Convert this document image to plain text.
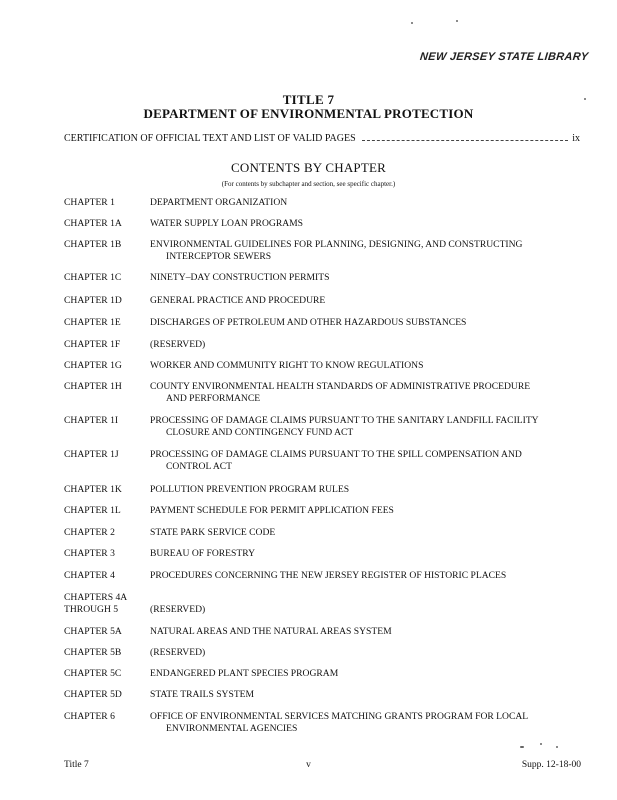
NEW JERSEY STATE LIBRARY
TITLE 7
DEPARTMENT OF ENVIRONMENTAL PROTECTION
CERTIFICATION OF OFFICIAL TEXT AND LIST OF VALID PAGES	ix
CONTENTS BY CHAPTER
(For contents by subchapter and section, see specific chapter.)
CHAPTER 1	DEPARTMENT ORGANIZATION
CHAPTER 1A	WATER SUPPLY LOAN PROGRAMS
CHAPTER 1B	ENVIRONMENTAL GUIDELINES FOR PLANNING, DESIGNING, AND CONSTRUCTING
INTERCEPTOR SEWERS
CHAPTER 1C	NINETY–DAY CONSTRUCTION PERMITS
CHAPTER 1D	GENERAL PRACTICE AND PROCEDURE
CHAPTER 1E	DISCHARGES OF PETROLEUM AND OTHER HAZARDOUS SUBSTANCES
CHAPTER 1F	(RESERVED)
CHAPTER 1G	WORKER AND COMMUNITY RIGHT TO KNOW REGULATIONS
CHAPTER 1H	COUNTY ENVIRONMENTAL HEALTH STANDARDS OF ADMINISTRATIVE PROCEDURE
AND PERFORMANCE
CHAPTER 1I	PROCESSING OF DAMAGE CLAIMS PURSUANT TO THE SANITARY LANDFILL FACILITY
CLOSURE AND CONTINGENCY FUND ACT
CHAPTER 1J	PROCESSING OF DAMAGE CLAIMS PURSUANT TO THE SPILL COMPENSATION AND
CONTROL ACT
CHAPTER 1K	POLLUTION PREVENTION PROGRAM RULES
CHAPTER 1L	PAYMENT SCHEDULE FOR PERMIT APPLICATION FEES
CHAPTER 2	STATE PARK SERVICE CODE
CHAPTER 3	BUREAU OF FORESTRY
CHAPTER 4	PROCEDURES CONCERNING THE NEW JERSEY REGISTER OF HISTORIC PLACES
CHAPTERS 4A
THROUGH 5	(RESERVED)
CHAPTER 5A	NATURAL AREAS AND THE NATURAL AREAS SYSTEM
CHAPTER 5B	(RESERVED)
CHAPTER 5C	ENDANGERED PLANT SPECIES PROGRAM
CHAPTER 5D	STATE TRAILS SYSTEM
CHAPTER 6	OFFICE OF ENVIRONMENTAL SERVICES MATCHING GRANTS PROGRAM FOR LOCAL
ENVIRONMENTAL AGENCIES
Title 7	v	Supp. 12-18-00
